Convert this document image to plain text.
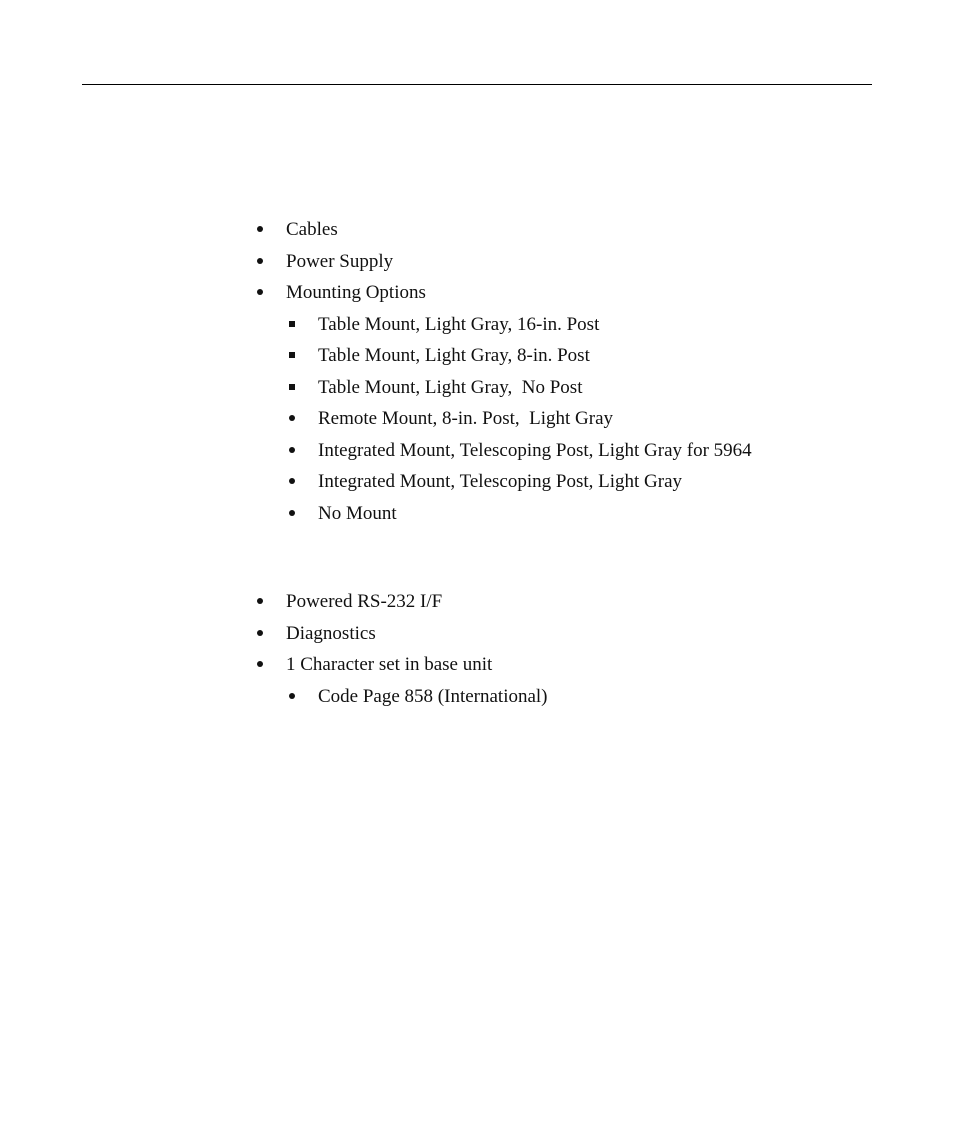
Cables
Power Supply
Mounting Options
Table Mount, Light Gray, 16-in. Post
Table Mount, Light Gray, 8-in. Post
Table Mount, Light Gray,  No Post
Remote Mount, 8-in. Post,  Light Gray
Integrated Mount, Telescoping Post, Light Gray for 5964
Integrated Mount, Telescoping Post, Light Gray
No Mount
Powered RS-232 I/F
Diagnostics
1 Character set in base unit
Code Page 858 (International)
